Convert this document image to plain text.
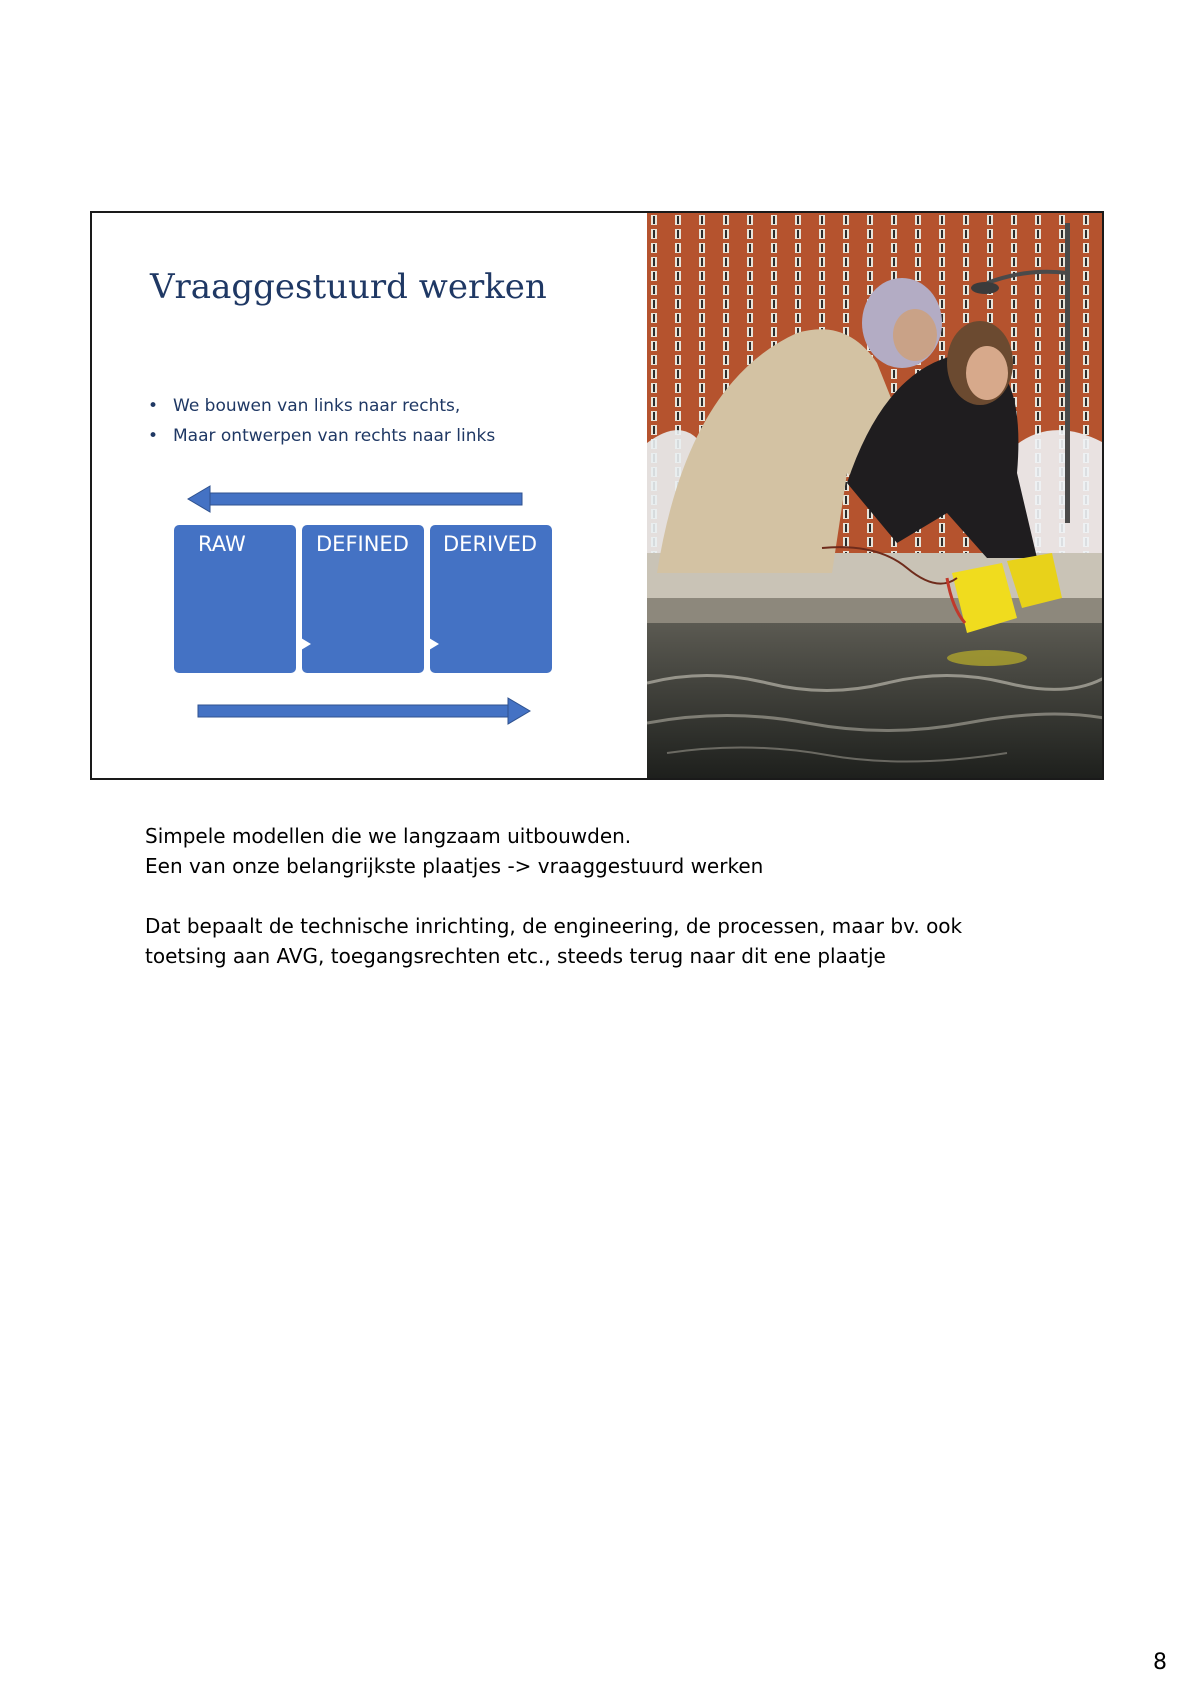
Vraaggestuurd werken
• We bouwen van links naar rechts,
• Maar ontwerpen van rechts naar links
RAW	DEFINED DERIVED

Simpele modellen die we langzaam uitbouwden.

Een van onze belangrijkste plaatjes -> vraaggestuurd werken

Dat bepaalt de technische inrichting, de engineering, de processen, maar bv. ook

toetsing aan AVG, toegangsrechten etc., steeds terug naar dit ene plaatje

8
